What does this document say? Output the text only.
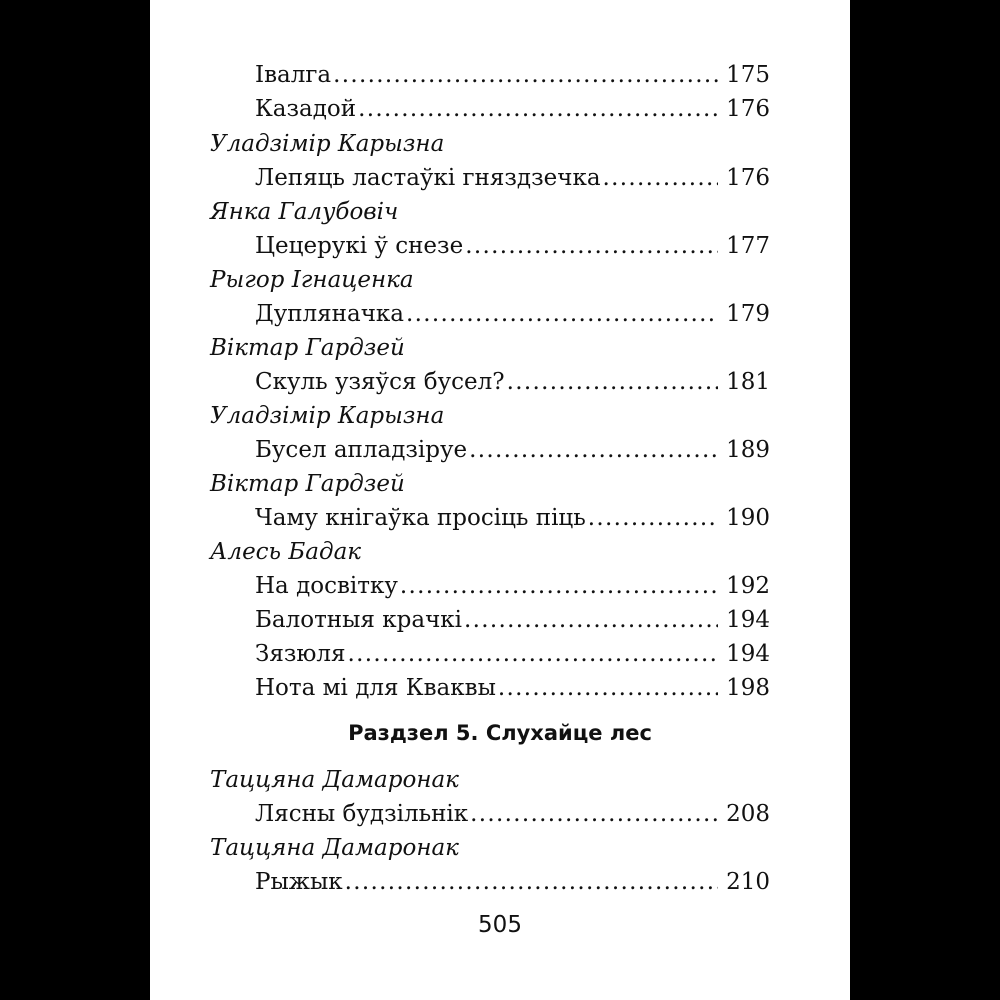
Івалга . . .	175
Казадой . . .	176
Уладзімір Карызна
Лепяць ластаўкі гняздзечка . . .	176
Янка Галубовіч
Цецерукі ў снезе . . .	177
Рыгор Ігнаценка
Дупляначка . . .	179
Віктар Гардзей
Скуль узяўся бусел? . . .	181
Уладзімір Карызна
Бусел апладзіруе . . .	189
Віктар Гардзей
Чаму кнігаўка просіць піць . . .	190
Алесь Бадак
На досвітку . . .	192
Балотныя крачкі . . .	194
Зязюля . . .	194
Нота мі для Квaквы . . .	198
Раздзел 5. Слухайце лес
Таццяна Дамаронак
Лясны будзільнік . . .	208
Таццяна Дамаронак
Рыжык . . .	210
505
